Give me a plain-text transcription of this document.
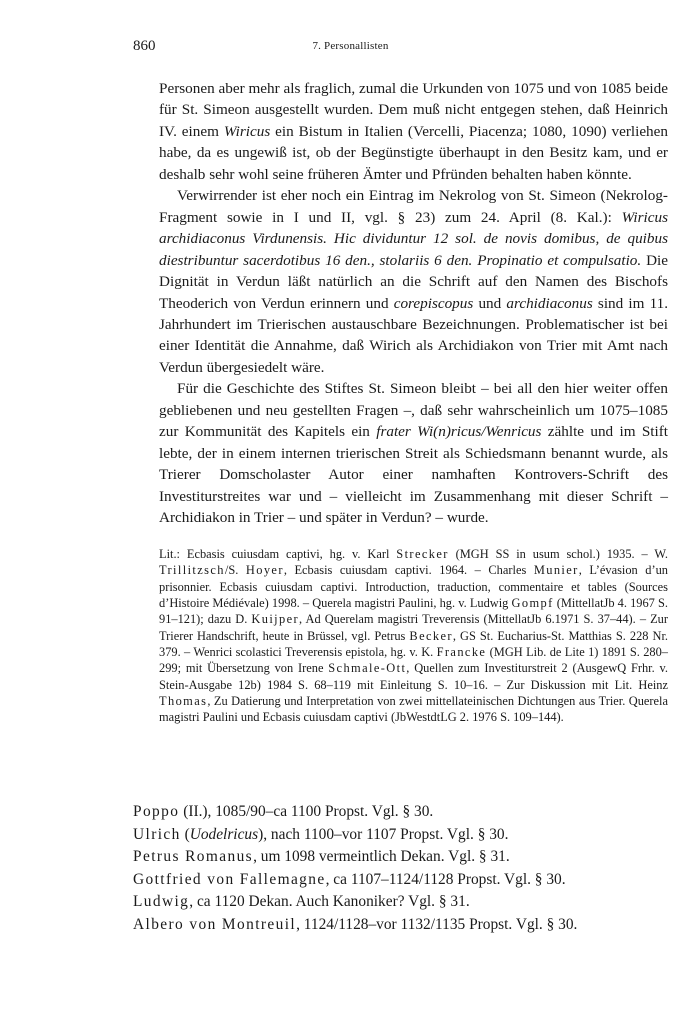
860	7. Personallisten

Personen aber mehr als fraglich, zumal die Urkunden von 1075 und von 1085 beide für St. Simeon ausgestellt wurden. Dem muß nicht entgegen stehen, daß Heinrich IV. einem Wiricus ein Bistum in Italien (Vercelli, Piacenza; 1080, 1090) verliehen habe, da es ungewiß ist, ob der Begünstigte überhaupt in den Besitz kam, und er deshalb sehr wohl seine früheren Ämter und Pfründen behalten haben könnte.

Verwirrender ist eher noch ein Eintrag im Nekrolog von St. Simeon (Nekrolog-Fragment sowie in I und II, vgl. § 23) zum 24. April (8. Kal.): Wiricus archidiaconus Virdunensis. Hic dividuntur 12 sol. de novis domibus, de quibus diestribuntur sacerdotibus 16 den., stolariis 6 den. Propinatio et compulsatio. Die Dignität in Verdun läßt natürlich an die Schrift auf den Namen des Bischofs Theoderich von Verdun erinnern und corepiscopus und archidiaconus sind im 11. Jahrhundert im Trierischen austauschbare Bezeichnungen. Problematischer ist bei einer Identität die Annahme, daß Wirich als Archidiakon von Trier mit Amt nach Verdun übergesiedelt wäre.

Für die Geschichte des Stiftes St. Simeon bleibt – bei all den hier weiter offen gebliebenen und neu gestellten Fragen –, daß sehr wahrscheinlich um 1075–1085 zur Kommunität des Kapitels ein frater Wi(n)ricus/Wenricus zählte und im Stift lebte, der in einem internen trierischen Streit als Schiedsmann benannt wurde, als Trierer Domscholaster Autor einer namhaften Kontrovers-Schrift des Investiturstreites war und – vielleicht im Zusammenhang mit dieser Schrift – Archidiakon in Trier – und später in Verdun? – wurde.

Lit.: Ecbasis cuiusdam captivi, hg. v. Karl Strecker (MGH SS in usum schol.) 1935. – W. Trillitzsch/S. Hoyer, Ecbasis cuiusdam captivi. 1964. – Charles Munier, L’évasion d’un prisonnier. Ecbasis cuiusdam captivi. Introduction, traduction, commentaire et tables (Sources d’Histoire Médiévale) 1998. – Querela magistri Paulini, hg. v. Ludwig Gompf (MittellatJb 4. 1967 S. 91–121); dazu D. Kuijper, Ad Querelam magistri Treverensis (MittellatJb 6.1971 S. 37–44). – Zur Trierer Handschrift, heute in Brüssel, vgl. Petrus Becker, GS St. Eucharius-St. Matthias S. 228 Nr. 379. – Wenrici scolastici Treverensis epistola, hg. v. K. Francke (MGH Lib. de Lite 1) 1891 S. 280–299; mit Übersetzung von Irene Schmale-Ott, Quellen zum Investiturstreit 2 (AusgewQ Frhr. v. Stein-Ausgabe 12b) 1984 S. 68–119 mit Einleitung S. 10–16. – Zur Diskussion mit Lit. Heinz Thomas, Zu Datierung und Interpretation von zwei mittellateinischen Dichtungen aus Trier. Querela magistri Paulini und Ecbasis cuiusdam captivi (JbWestdtLG 2. 1976 S. 109–144).

Poppo (II.), 1085/90–ca 1100 Propst. Vgl. § 30.

Ulrich (Uodelricus), nach 1100–vor 1107 Propst. Vgl. § 30.

Petrus Romanus, um 1098 vermeintlich Dekan. Vgl. § 31.

Gottfried von Fallemagne, ca 1107–1124/1128 Propst. Vgl. § 30.

Ludwig, ca 1120 Dekan. Auch Kanoniker? Vgl. § 31.

Albero von Montreuil, 1124/1128–vor 1132/1135 Propst. Vgl. § 30.
